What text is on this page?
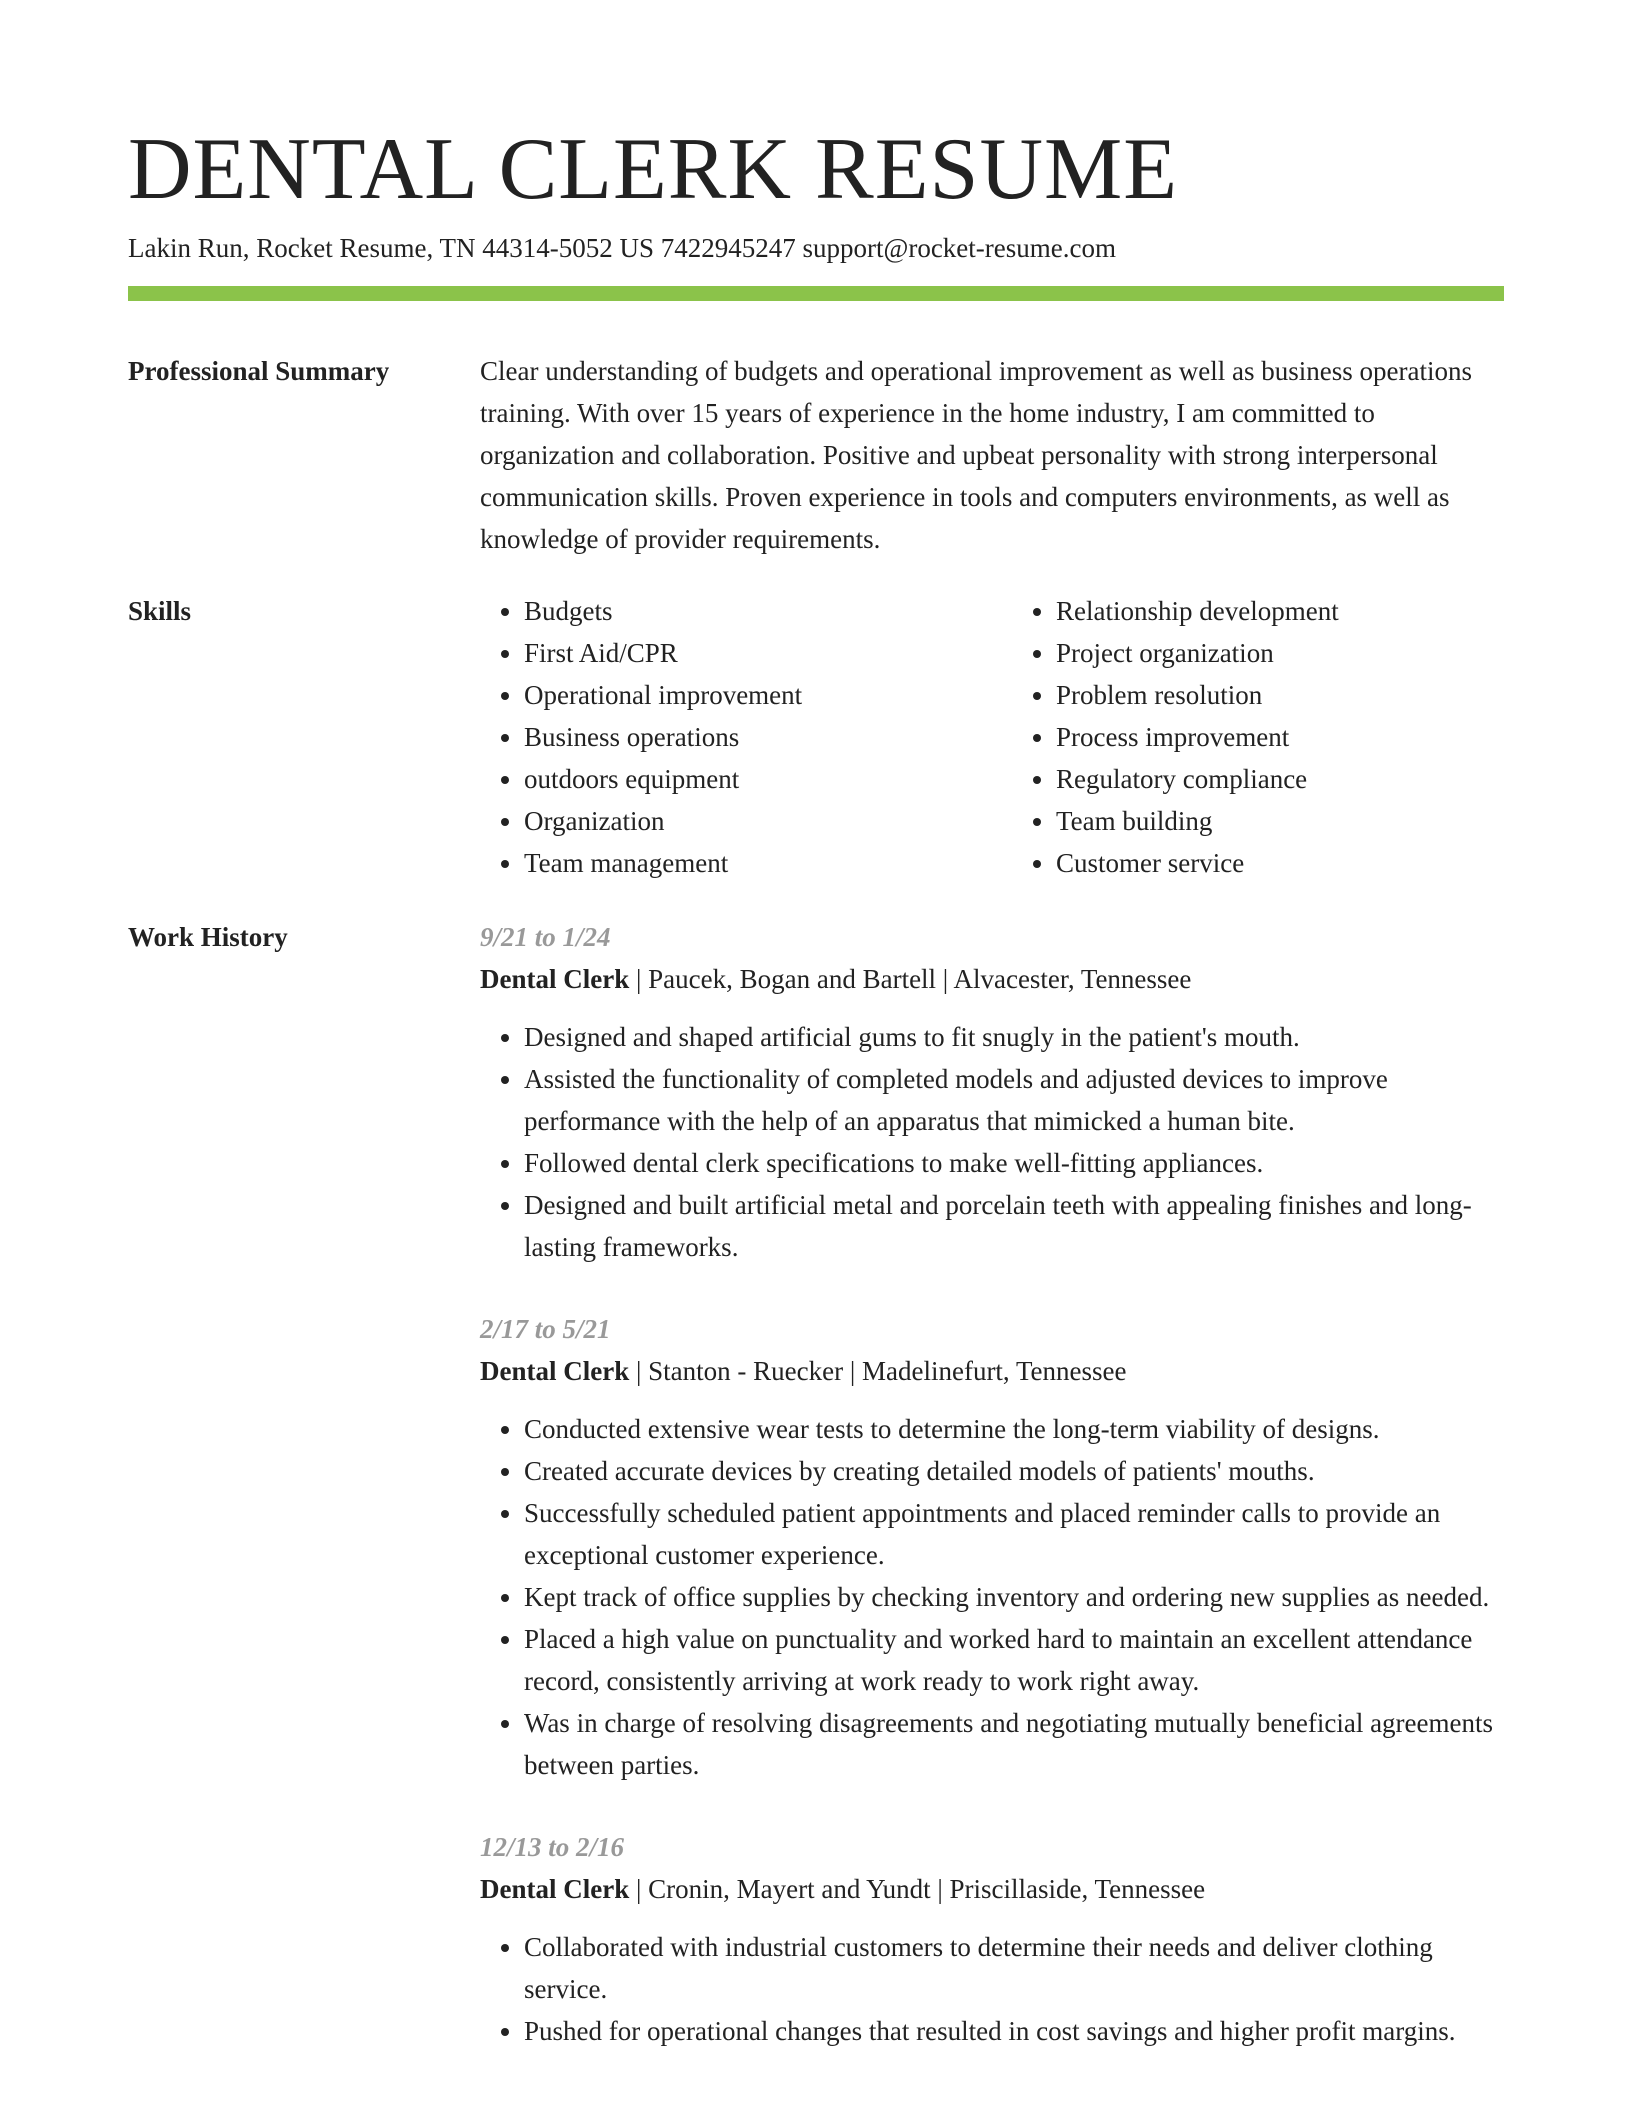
DENTAL CLERK RESUME
Lakin Run, Rocket Resume, TN 44314-5052 US 7422945247 support@rocket-resume.com
Professional Summary	Clear understanding of budgets and operational improvement as well as business operations training. With over 15 years of experience in the home industry, I am committed to organization and collaboration. Positive and upbeat personality with strong interpersonal communication skills. Proven experience in tools and computers environments, as well as knowledge of provider requirements.

Skills
•	Budgets
• First Aid/CPR
• Operational improvement
• Business operations
• outdoors equipment
• Organization
• Team management
• Relationship development
• Project organization
• Problem resolution
• Process improvement
• Regulatory compliance
• Team building
• Customer service
Work History	9/21 to 1/24
Dental Clerk | Paucek, Bogan and Bartell | Alvacester, Tennessee
• Designed and shaped artificial gums to fit snugly in the patient's mouth.
• Assisted the functionality of completed models and adjusted devices to improve performance with the help of an apparatus that mimicked a human bite.
• Followed dental clerk specifications to make well-fitting appliances.
• Designed and built artificial metal and porcelain teeth with appealing finishes and long-lasting frameworks.
2/17 to 5/21
Dental Clerk | Stanton - Ruecker | Madelinefurt, Tennessee
• Conducted extensive wear tests to determine the long-term viability of designs.
• Created accurate devices by creating detailed models of patients' mouths.
• Successfully scheduled patient appointments and placed reminder calls to provide an exceptional customer experience.
• Kept track of office supplies by checking inventory and ordering new supplies as needed.
• Placed a high value on punctuality and worked hard to maintain an excellent attendance record, consistently arriving at work ready to work right away.
• Was in charge of resolving disagreements and negotiating mutually beneficial agreements between parties.
12/13 to 2/16
Dental Clerk | Cronin, Mayert and Yundt | Priscillaside, Tennessee
• Collaborated with industrial customers to determine their needs and deliver clothing service.
• Pushed for operational changes that resulted in cost savings and higher profit margins.
